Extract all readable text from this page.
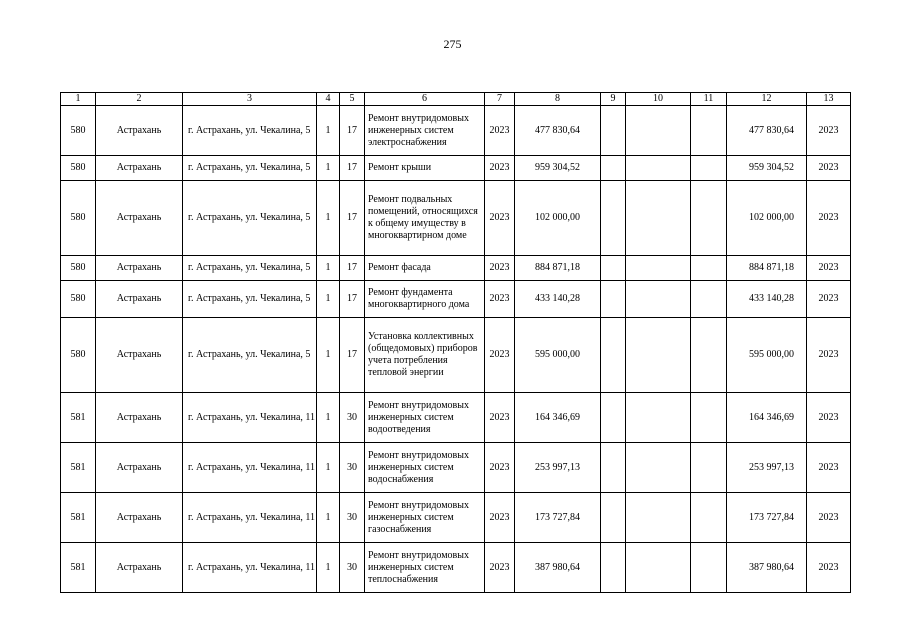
275
1	2	3	4	5	6	7	8	9	10	11	12	13
580	Астрахань	г. Астрахань, ул. Чекалина, 5	1	17	Ремонт внутридомовых инженерных систем электроснабжения	2023	477 830,64				477 830,64	2023
580	Астрахань	г. Астрахань, ул. Чекалина, 5	1	17	Ремонт крыши	2023	959 304,52				959 304,52	2023
580	Астрахань	г. Астрахань, ул. Чекалина, 5	1	17	Ремонт подвальных помещений, относящихся к общему имуществу в многоквартирном доме	2023	102 000,00				102 000,00	2023
580	Астрахань	г. Астрахань, ул. Чекалина, 5	1	17	Ремонт фасада	2023	884 871,18				884 871,18	2023
580	Астрахань	г. Астрахань, ул. Чекалина, 5	1	17	Ремонт фундамента многоквартирного дома	2023	433 140,28				433 140,28	2023
580	Астрахань	г. Астрахань, ул. Чекалина, 5	1	17	Установка коллективных (общедомовых) приборов учета потребления тепловой энергии	2023	595 000,00				595 000,00	2023
581	Астрахань	г. Астрахань, ул. Чекалина, 11	1	30	Ремонт внутридомовых инженерных систем водоотведения	2023	164 346,69				164 346,69	2023
581	Астрахань	г. Астрахань, ул. Чекалина, 11	1	30	Ремонт внутридомовых инженерных систем водоснабжения	2023	253 997,13				253 997,13	2023
581	Астрахань	г. Астрахань, ул. Чекалина, 11	1	30	Ремонт внутридомовых инженерных систем газоснабжения	2023	173 727,84				173 727,84	2023
581	Астрахань	г. Астрахань, ул. Чекалина, 11	1	30	Ремонт внутридомовых инженерных систем теплоснабжения	2023	387 980,64				387 980,64	2023
